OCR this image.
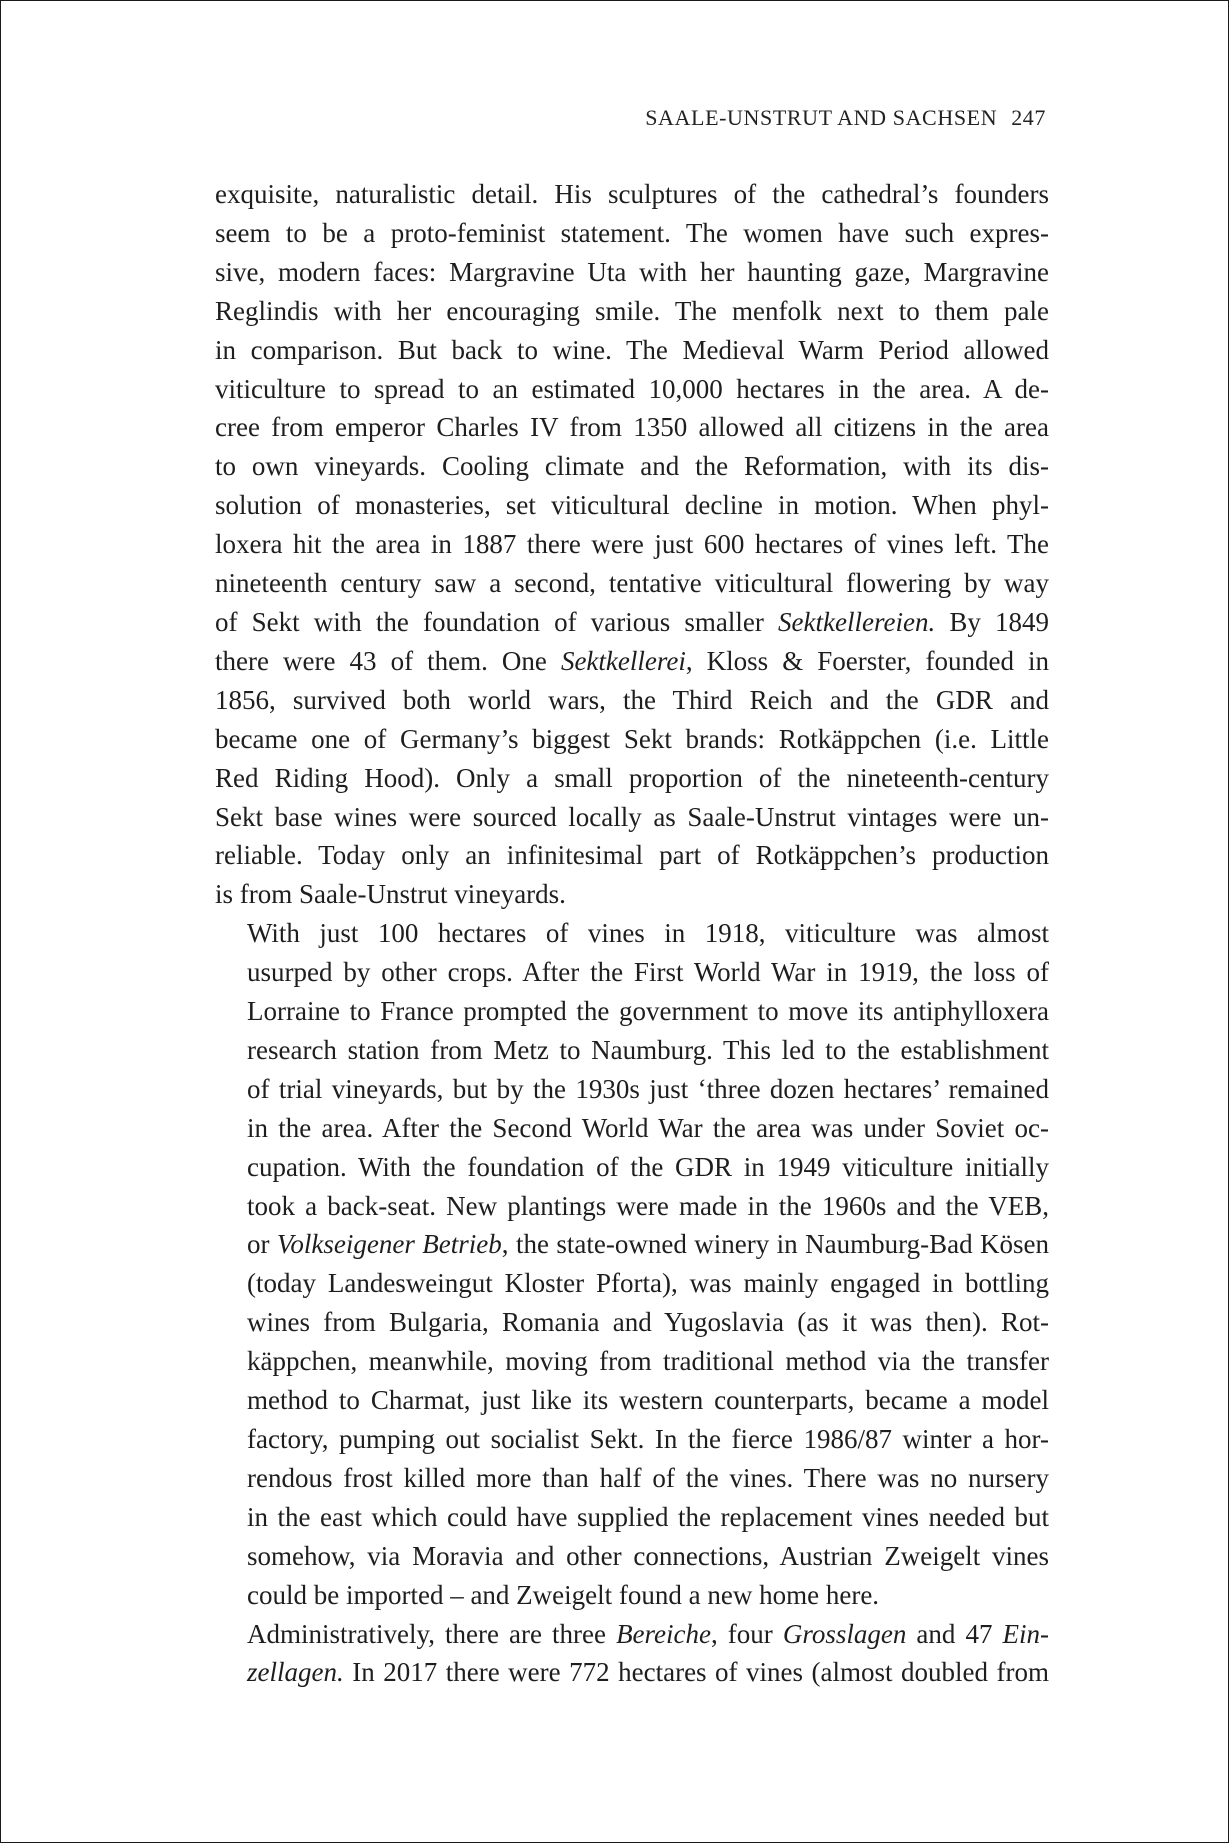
SAALE-UNSTRUT AND SACHSEN 247

exquisite, naturalistic detail. His sculptures of the cathedral’s founders
seem to be a proto-feminist statement. The women have such expres-
sive, modern faces: Margravine Uta with her haunting gaze, Margravine
Reglindis with her encouraging smile. The menfolk next to them pale
in comparison. But back to wine. The Medieval Warm Period allowed
viticulture to spread to an estimated 10,000 hectares in the area. A de-
cree from emperor Charles IV from 1350 allowed all citizens in the area
to own vineyards. Cooling climate and the Reformation, with its dis-
solution of monasteries, set viticultural decline in motion. When phyl-
loxera hit the area in 1887 there were just 600 hectares of vines left. The
nineteenth century saw a second, tentative viticultural flowering by way
of Sekt with the foundation of various smaller Sektkellereien. By 1849
there were 43 of them. One Sektkellerei, Kloss & Foerster, founded in
1856, survived both world wars, the Third Reich and the GDR and
became one of Germany’s biggest Sekt brands: Rotkäppchen (i.e. Little
Red Riding Hood). Only a small proportion of the nineteenth-century
Sekt base wines were sourced locally as Saale-Unstrut vintages were un-
reliable. Today only an infinitesimal part of Rotkäppchen’s production
is from Saale-Unstrut vineyards.

With just 100 hectares of vines in 1918, viticulture was almost
usurped by other crops. After the First World War in 1919, the loss of
Lorraine to France prompted the government to move its antiphylloxera
research station from Metz to Naumburg. This led to the establishment
of trial vineyards, but by the 1930s just ‘three dozen hectares’ remained
in the area. After the Second World War the area was under Soviet oc-
cupation. With the foundation of the GDR in 1949 viticulture initially
took a back-seat. New plantings were made in the 1960s and the VEB,
or Volkseigener Betrieb, the state-owned winery in Naumburg-Bad Kösen
(today Landesweingut Kloster Pforta), was mainly engaged in bottling
wines from Bulgaria, Romania and Yugoslavia (as it was then). Rot-
käppchen, meanwhile, moving from traditional method via the transfer
method to Charmat, just like its western counterparts, became a model
factory, pumping out socialist Sekt. In the fierce 1986/87 winter a hor-
rendous frost killed more than half of the vines. There was no nursery
in the east which could have supplied the replacement vines needed but
somehow, via Moravia and other connections, Austrian Zweigelt vines
could be imported – and Zweigelt found a new home here.

Administratively, there are three Bereiche, four Grosslagen and 47 Ein-
zellagen. In 2017 there were 772 hectares of vines (almost doubled from
